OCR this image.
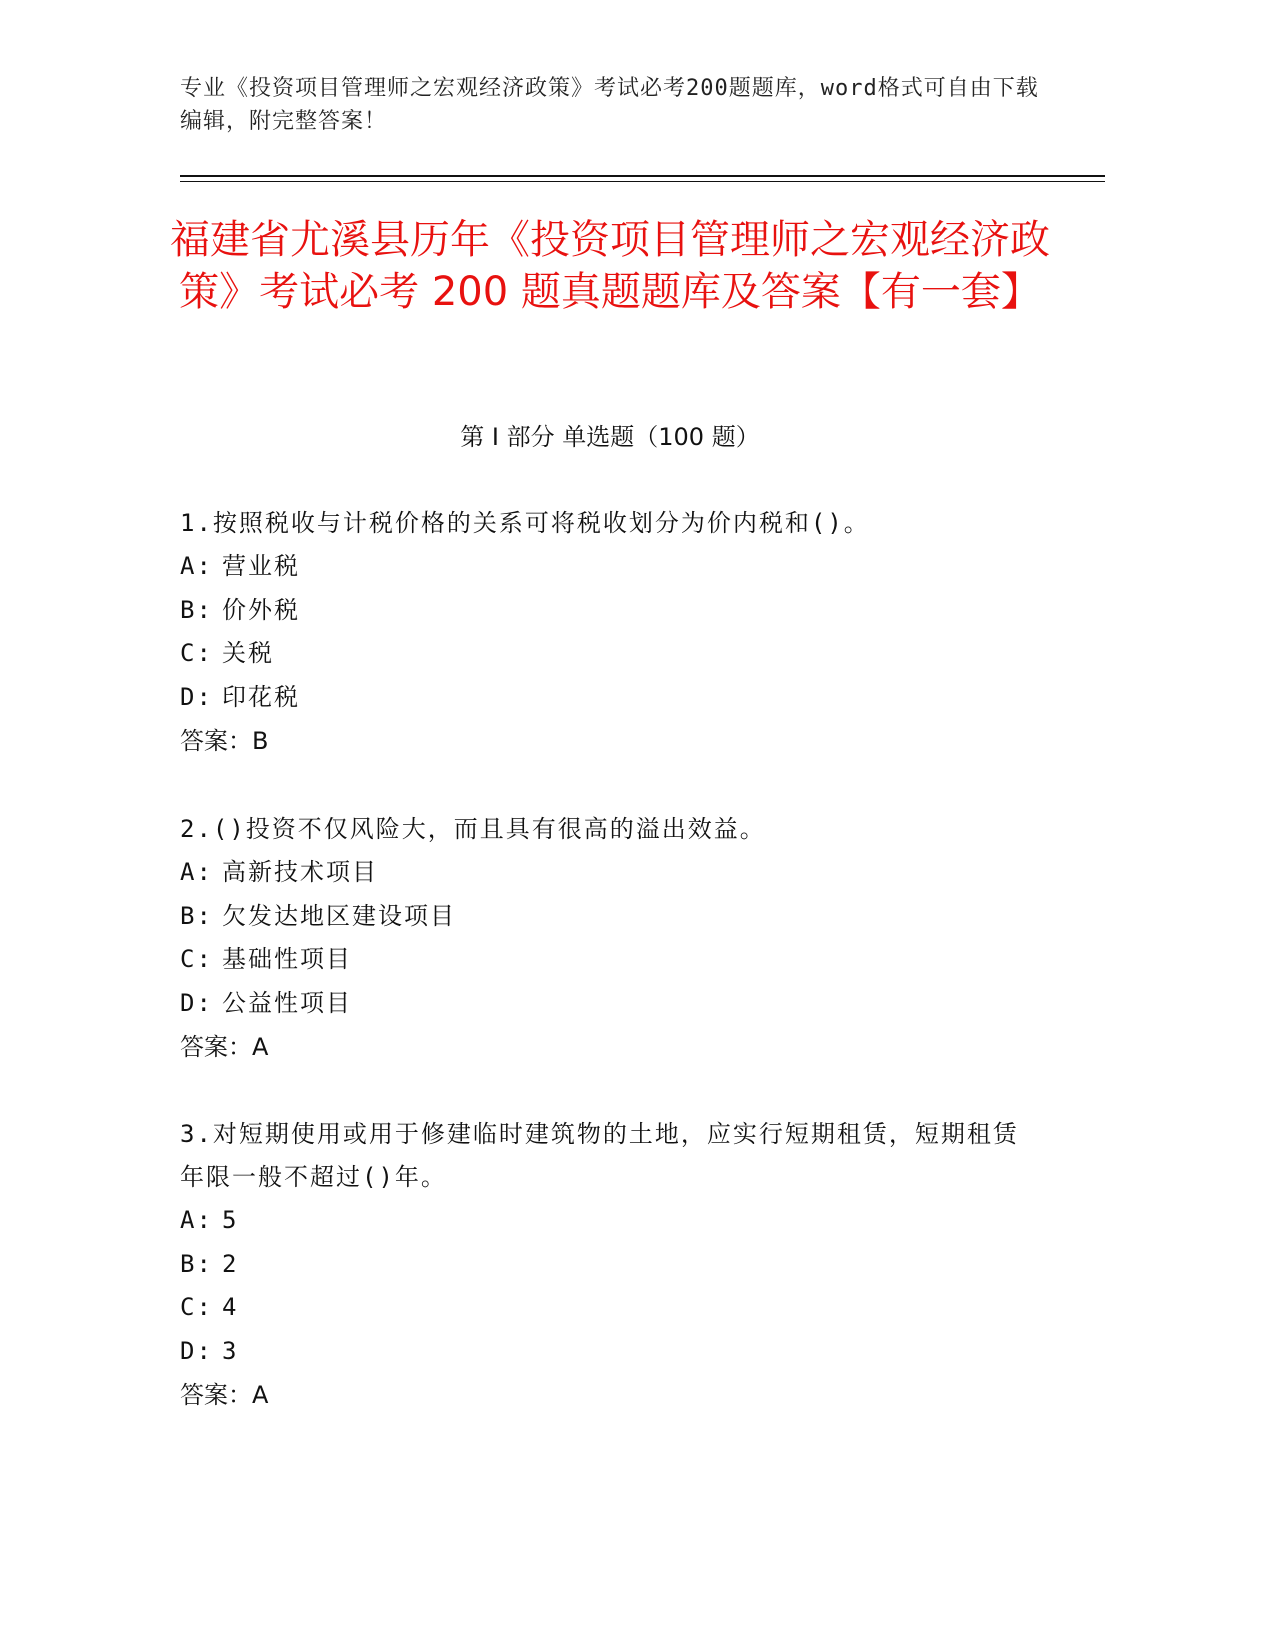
专业《投资项目管理师之宏观经济政策》考试必考200题题库，word格式可自由下载编辑，附完整答案！
福建省尤溪县历年《投资项目管理师之宏观经济政策》考试必考 200 题真题题库及答案【有一套】
第 I 部分 单选题（100 题）
1.按照税收与计税价格的关系可将税收划分为价内税和()。
A: 营业税
B: 价外税
C: 关税
D: 印花税
答案：B
2.()投资不仅风险大，而且具有很高的溢出效益。
A: 高新技术项目
B: 欠发达地区建设项目
C: 基础性项目
D: 公益性项目
答案：A
3.对短期使用或用于修建临时建筑物的土地，应实行短期租赁，短期租赁年限一般不超过()年。
A: 5
B: 2
C: 4
D: 3
答案：A
